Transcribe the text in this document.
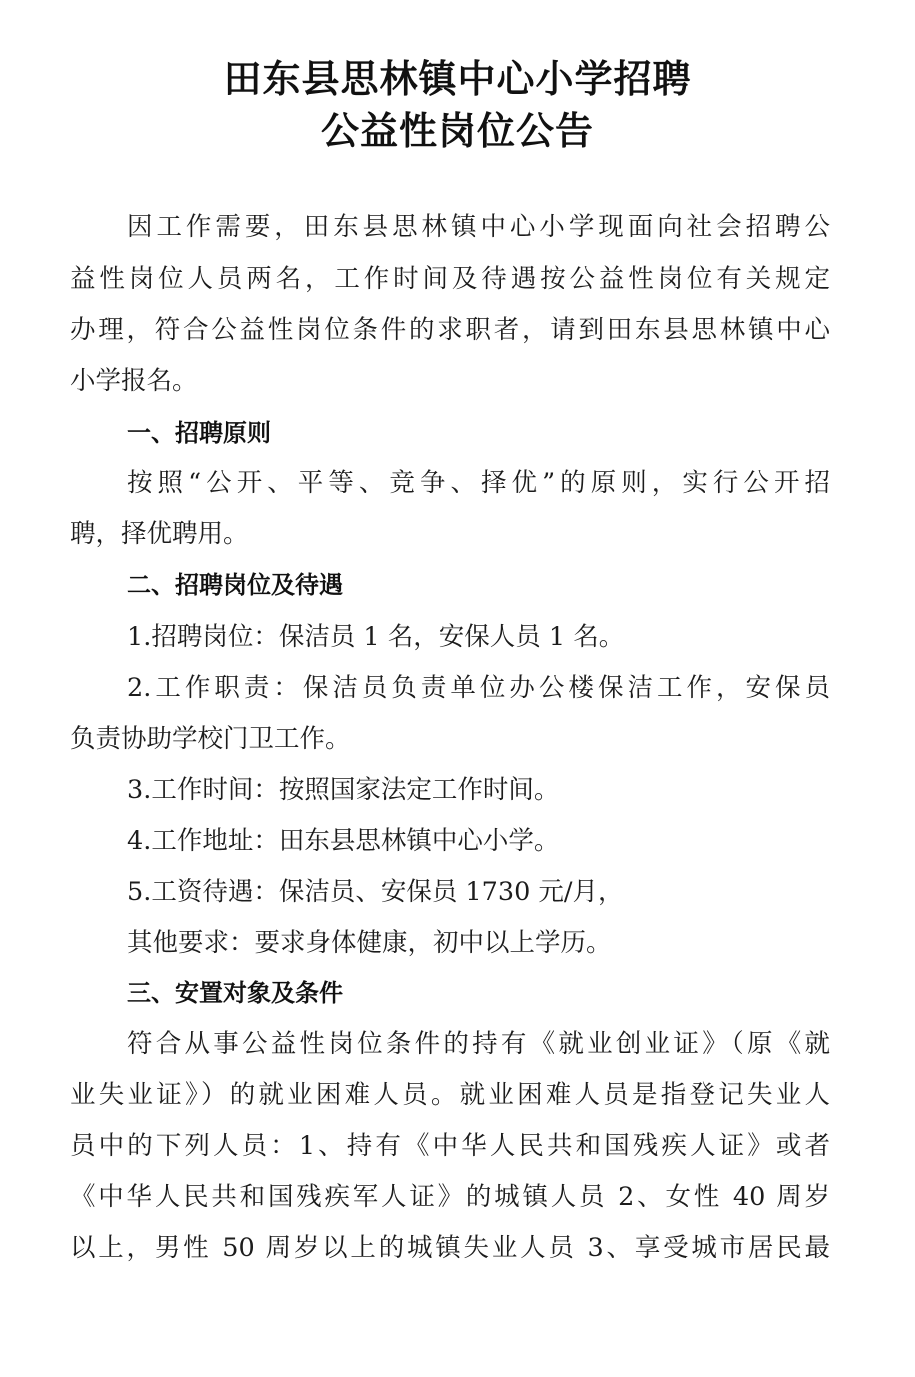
田东县思林镇中心小学招聘
公益性岗位公告
因工作需要，田东县思林镇中心小学现面向社会招聘公
益性岗位人员两名，工作时间及待遇按公益性岗位有关规定
办理，符合公益性岗位条件的求职者，请到田东县思林镇中心
小学报名。
一、招聘原则
按照“公开、平等、竞争、择优”的原则，实行公开招
聘，择优聘用。
二、招聘岗位及待遇
1.招聘岗位：保洁员 1 名，安保人员 1 名。
2.工作职责：保洁员负责单位办公楼保洁工作，安保员
负责协助学校门卫工作。
3.工作时间：按照国家法定工作时间。
4.工作地址：田东县思林镇中心小学。
5.工资待遇：保洁员、安保员 1730 元/月，
其他要求：要求身体健康，初中以上学历。
三、安置对象及条件
符合从事公益性岗位条件的持有《就业创业证》（原《就
业失业证》）的就业困难人员。就业困难人员是指登记失业人
员中的下列人员：1、持有《中华人民共和国残疾人证》或者
《中华人民共和国残疾军人证》的城镇人员 2、女性 40 周岁
以上，男性 50 周岁以上的城镇失业人员 3、享受城市居民最
